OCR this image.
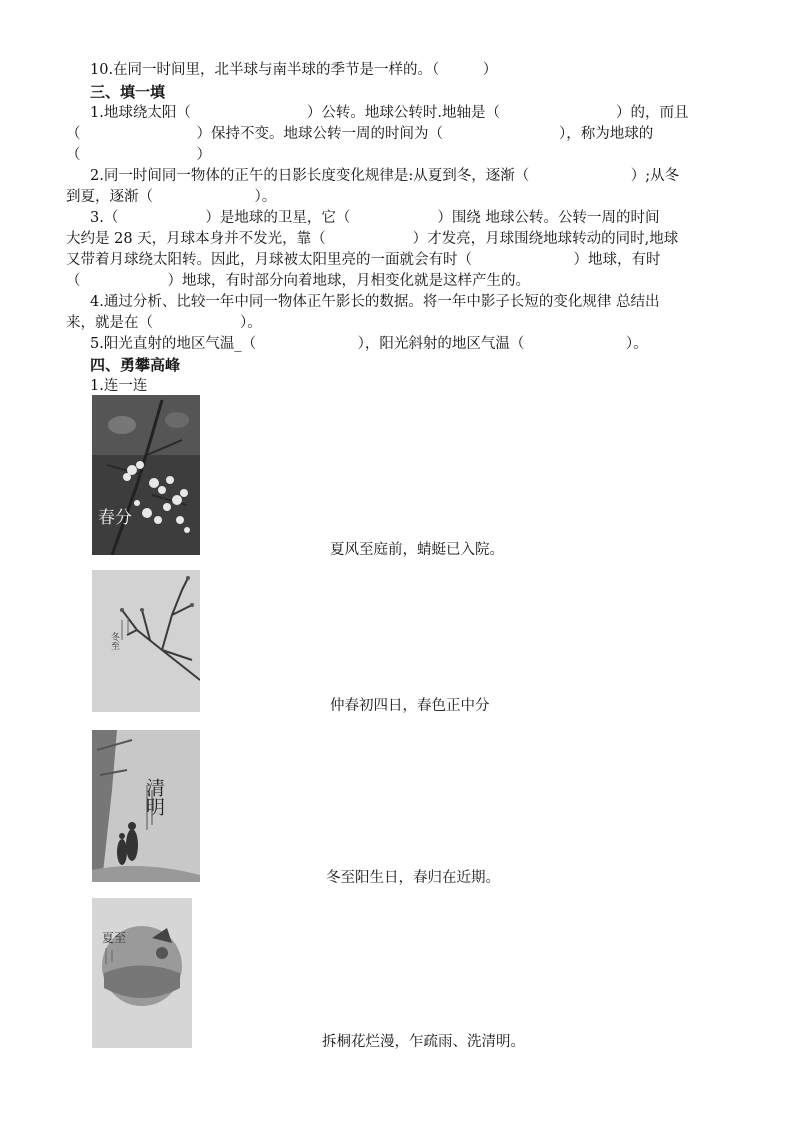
10.在同一时间里，北半球与南半球的季节是一样的。（　　　）
三、填一填
1.地球绕太阳（　　　　　　　　）公转。地球公转时.地轴是（　　　　　　　　）的，而且
（　　　　　　　　）保持不变。地球公转一周的时间为（　　　　　　　　），称为地球的
（　　　　　　　　）
2.同一时间同一物体的正午的日影长度变化规律是:从夏到冬，逐渐（　　　　　　　）;从冬
到夏，逐渐（　　　　　　　）。
3.（　　　　　　）是地球的卫星，它（　　　　　　）围绕 地球公转。公转一周的时间
大约是 28 天，月球本身并不发光，靠（　　　　　　）才发亮，月球围绕地球转动的同时,地球
又带着月球绕太阳转。因此，月球被太阳里亮的一面就会有时（　　　　　　　）地球，有时
（　　　　　　）地球，有时部分向着地球，月相变化就是这样产生的。
4.通过分析、比较一年中同一物体正午影长的数据。将一年中影子长短的变化规律 总结出
来，就是在（　　　　　　）。
5.阳光直射的地区气温_（　　　　　　　），阳光斜射的地区气温（　　　　　　　）。
四、勇攀高峰
1.连一连
春分
夏风至庭前，蜻蜓已入院。
冬至
仲春初四日，春色正中分
清明
冬至阳生日，春归在近期。
夏至
拆桐花烂漫，乍疏雨、洗清明。
